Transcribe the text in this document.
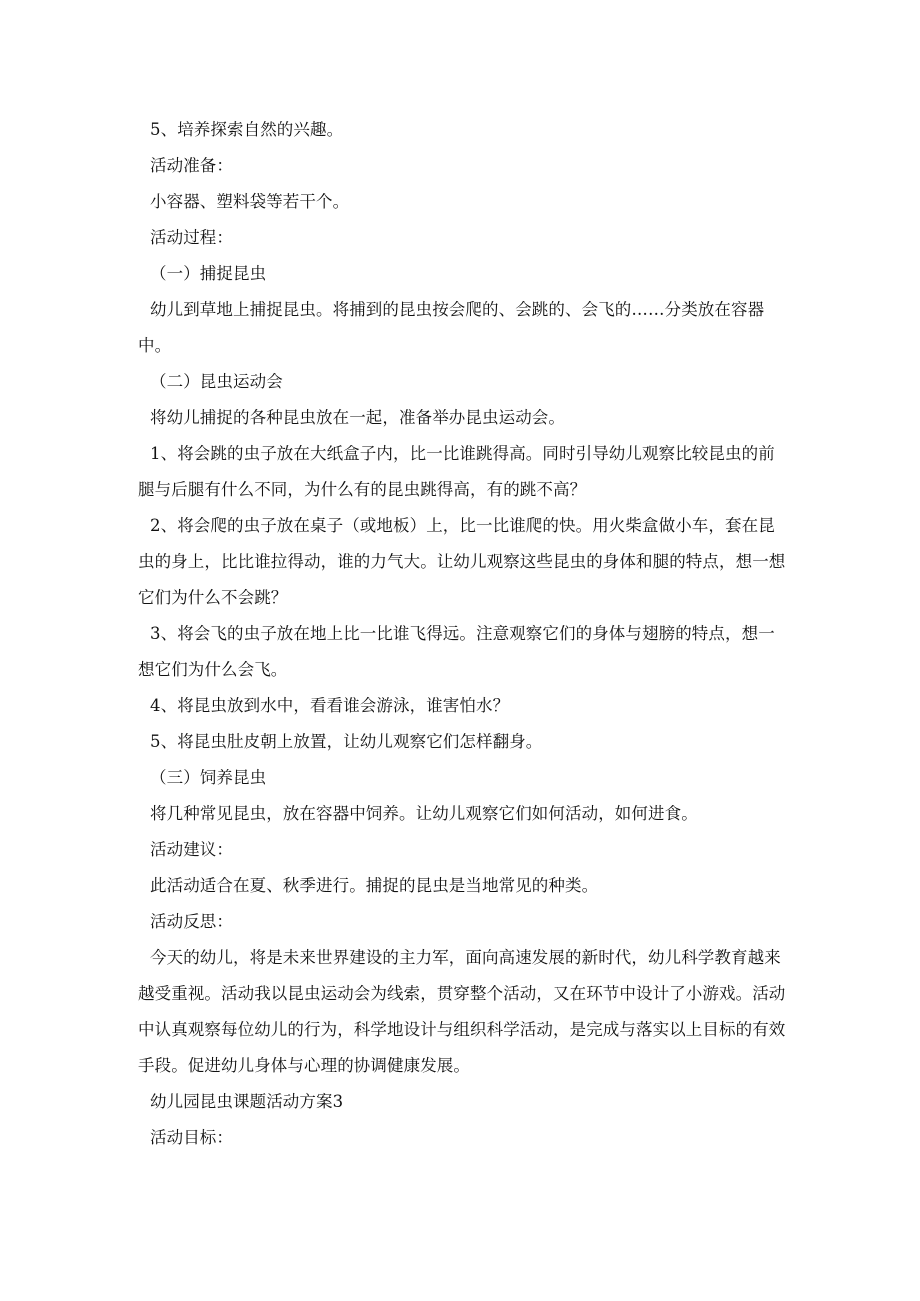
5、培养探索自然的兴趣。

活动准备：

小容器、塑料袋等若干个。

活动过程：

（一）捕捉昆虫

幼儿到草地上捕捉昆虫。将捕到的昆虫按会爬的、会跳的、会飞的……分类放在容器中。

（二）昆虫运动会

将幼儿捕捉的各种昆虫放在一起，准备举办昆虫运动会。

1、将会跳的虫子放在大纸盒子内，比一比谁跳得高。同时引导幼儿观察比较昆虫的前腿与后腿有什么不同，为什么有的昆虫跳得高，有的跳不高？

2、将会爬的虫子放在桌子（或地板）上，比一比谁爬的快。用火柴盒做小车，套在昆虫的身上，比比谁拉得动，谁的力气大。让幼儿观察这些昆虫的身体和腿的特点，想一想它们为什么不会跳？

3、将会飞的虫子放在地上比一比谁飞得远。注意观察它们的身体与翅膀的特点，想一想它们为什么会飞。

4、将昆虫放到水中，看看谁会游泳，谁害怕水？

5、将昆虫肚皮朝上放置，让幼儿观察它们怎样翻身。

（三）饲养昆虫

将几种常见昆虫，放在容器中饲养。让幼儿观察它们如何活动，如何进食。

活动建议：

此活动适合在夏、秋季进行。捕捉的昆虫是当地常见的种类。

活动反思：

今天的幼儿，将是未来世界建设的主力军，面向高速发展的新时代，幼儿科学教育越来越受重视。活动我以昆虫运动会为线索，贯穿整个活动，又在环节中设计了小游戏。活动中认真观察每位幼儿的行为，科学地设计与组织科学活动，是完成与落实以上目标的有效手段。促进幼儿身体与心理的协调健康发展。

幼儿园昆虫课题活动方案3

活动目标：
